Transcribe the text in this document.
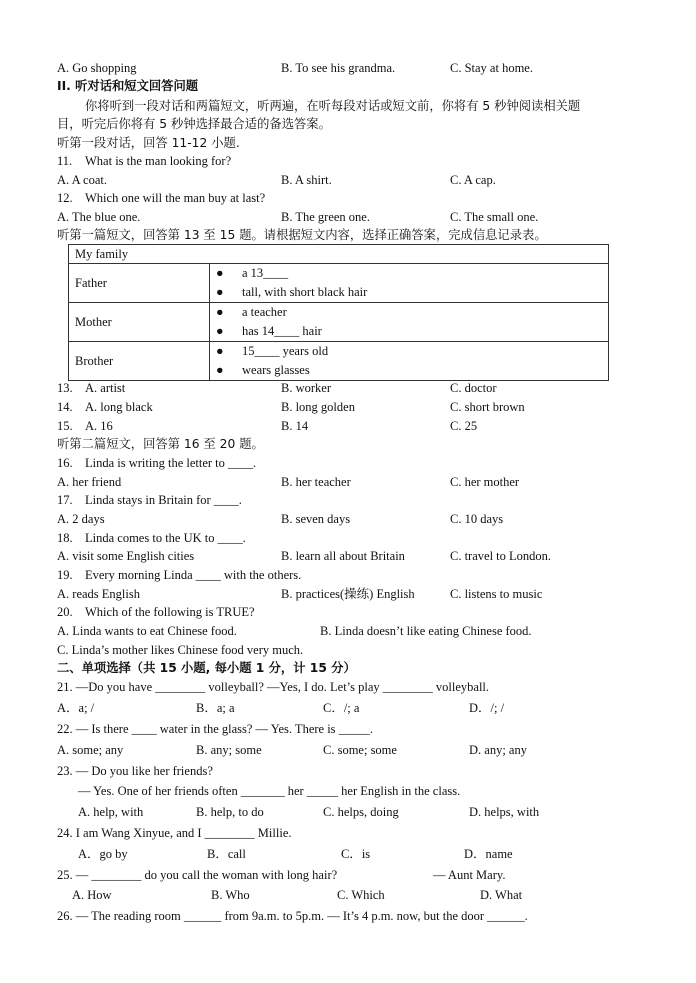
A. Go shopping	B. To see his grandma.	C. Stay at home.
II. 听对话和短文回答问题
你将听到一段对话和两篇短文，听两遍，在听每段对话或短文前，你将有 5 秒钟阅读相关题
目，听完后你将有 5 秒钟选择最合适的备选答案。
听第一段对话，回答 11-12 小题.
11. What is the man looking for?
A. A coat.	B. A shirt.	C. A cap.
12. Which one will the man buy at last?
A. The blue one.	B. The green one.	C. The small one.
听第一篇短文，回答第 13 至 15 题。请根据短文内容，选择正确答案，完成信息记录表。
My family	
Father	● a 13____
● tall, with short black hair

Mother	● a teacher
● has 14____ hair

Brother	● 15____ years old
● wears glasses
13. A. artist	B. worker	C. doctor
14. A. long black	B. long golden	C. short brown
15. A. 16	B. 14	C. 25
听第二篇短文，回答第 16 至 20 题。
16. Linda is writing the letter to ____.
A. her friend	B. her teacher	C. her mother
17. Linda stays in Britain for ____.
A. 2 days	B. seven days	C. 10 days
18. Linda comes to the UK to ____.
A. visit some English cities	B. learn all about Britain	C. travel to London.
19. Every morning Linda ____ with the others.
A. reads English	B. practices(操练) English	C. listens to music
20. Which of the following is TRUE?
A. Linda wants to eat Chinese food.	B. Linda doesn’t like eating Chinese food.
C. Linda’s mother likes Chinese food very much.
二、单项选择（共 15 小题, 每小题 1 分，计 15 分）
21. —Do you have ________ volleyball? —Yes, I do. Let’s play ________ volleyball.
A．a; /	B．a; a	C．/; a	D．/; /
22. — Is there ____ water in the glass? — Yes. There is _____.
A. some; any	B. any; some	C. some; some	D. any; any
23. — Do you like her friends?
— Yes. One of her friends often _______ her _____ her English in the class.
A. help, with	B. help, to do	C. helps, doing	D. helps, with
24. I am Wang Xinyue, and I ________ Millie.
A．go by	B．call	C．is	D．name
25. — ________ do you call the woman with long hair?	— Aunt Mary.
A. How	B. Who	C. Which	D. What
26. — The reading room ______ from 9a.m. to 5p.m. — It’s 4 p.m. now, but the door ______.
